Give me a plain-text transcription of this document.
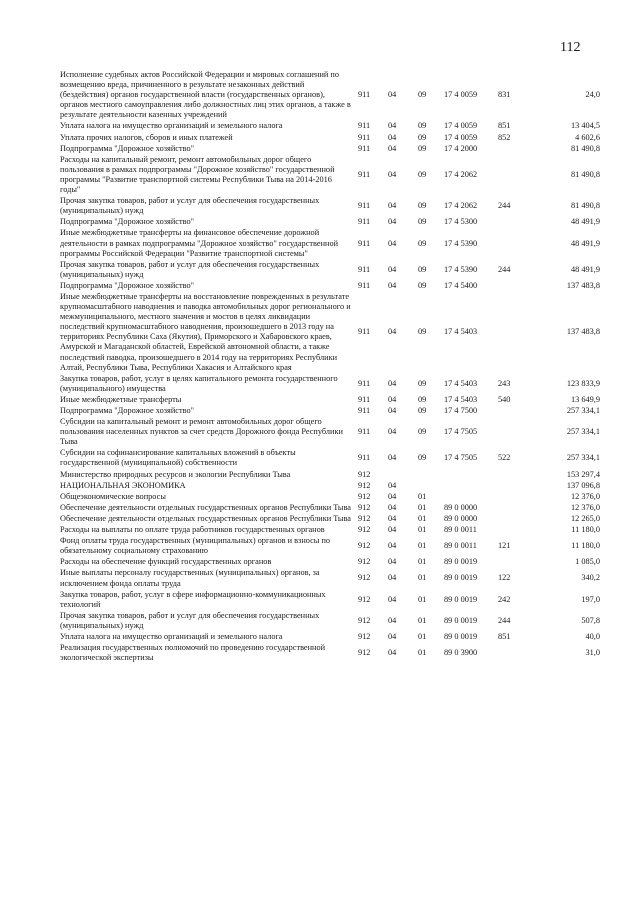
112
Исполнение судебных актов Российской Федерации и мировых соглашений по возмещению вреда, причиненного в результате незаконных действий (бездействия) органов государственной власти (государственных органов), органов местного самоуправления либо должностных лиц этих органов, а также в результате деятельности казенных учреждений	911	04	09	17 4 0059	831	24,0
Уплата налога на имущество организаций и земельного налога	911	04	09	17 4 0059	851	13 404,5
Уплата прочих налогов, сборов и иных платежей	911	04	09	17 4 0059	852	4 602,6
Подпрограмма "Дорожное хозяйство"	911	04	09	17 4 2000		81 490,8
Расходы на капитальный ремонт, ремонт автомобильных дорог общего пользования в рамках подпрограммы "Дорожное хозяйство" государственной программы "Развитие транспортной системы Республики Тыва на 2014-2016 годы"	911	04	09	17 4 2062		81 490,8
Прочая закупка товаров, работ и услуг для обеспечения государственных (муниципальных) нужд	911	04	09	17 4 2062	244	81 490,8
Подпрограмма "Дорожное хозяйство"	911	04	09	17 4 5300		48 491,9
Иные межбюджетные трансферты на финансовое обеспечение дорожной деятельности в рамках подпрограммы "Дорожное хозяйство" государственной программы Российской Федерации "Развитие транспортной системы"	911	04	09	17 4 5390		48 491,9
Прочая закупка товаров, работ и услуг для обеспечения государственных (муниципальных) нужд	911	04	09	17 4 5390	244	48 491,9
Подпрограмма "Дорожное хозяйство"	911	04	09	17 4 5400		137 483,8
Иные межбюджетные трансферты на восстановление поврежденных в результате крупномасштабного наводнения и паводка автомобильных дорог регионального и межмуниципального, местного значения и мостов в целях ликвидации последствий крупномасштабного наводнения, произошедшего в 2013 году на территориях Республики Саха (Якутия), Приморского и Хабаровского краев, Амурской и Магаданской областей, Еврейской автономной области, а также последствий паводка, произошедшего в 2014 году на территориях Республики Алтай, Республики Тыва, Республики Хакасия и Алтайского края	911	04	09	17 4 5403		137 483,8
Закупка товаров, работ, услуг в целях капитального ремонта государственного (муниципального) имущества	911	04	09	17 4 5403	243	123 833,9
Иные межбюджетные трансферты	911	04	09	17 4 5403	540	13 649,9
Подпрограмма "Дорожное хозяйство"	911	04	09	17 4 7500		257 334,1
Субсидии на капитальный ремонт и ремонт автомобильных дорог общего пользования населенных пунктов за счет средств Дорожного фонда Республики Тыва	911	04	09	17 4 7505		257 334,1
Субсидии на софинансирование капитальных вложений в объекты государственной (муниципальной) собственности	911	04	09	17 4 7505	522	257 334,1
Министерство природных ресурсов и экологии Республики Тыва	912					153 297,4
НАЦИОНАЛЬНАЯ ЭКОНОМИКА	912	04				137 096,8
Общеэкономические вопросы	912	04	01			12 376,0
Обеспечение деятельности отдельных государственных органов Республики Тыва	912	04	01	89 0 0000		12 376,0
Обеспечение деятельности отдельных государственных органов Республики Тыва	912	04	01	89 0 0000		12 265,0
Расходы на выплаты по оплате труда работников государственных органов	912	04	01	89 0 0011		11 180,0
Фонд оплаты труда государственных (муниципальных) органов и взносы по обязательному социальному страхованию	912	04	01	89 0 0011	121	11 180,0
Расходы на обеспечение функций государственных органов	912	04	01	89 0 0019		1 085,0
Иные выплаты персоналу государственных (муниципальных) органов, за исключением фонда оплаты труда	912	04	01	89 0 0019	122	340,2
Закупка товаров, работ, услуг в сфере информационно-коммуникационных технологий	912	04	01	89 0 0019	242	197,0
Прочая закупка товаров, работ и услуг для обеспечения государственных (муниципальных) нужд	912	04	01	89 0 0019	244	507,8
Уплата налога на имущество организаций и земельного налога	912	04	01	89 0 0019	851	40,0
Реализация государственных полномочий по проведению государственной экологической экспертизы	912	04	01	89 0 3900		31,0
